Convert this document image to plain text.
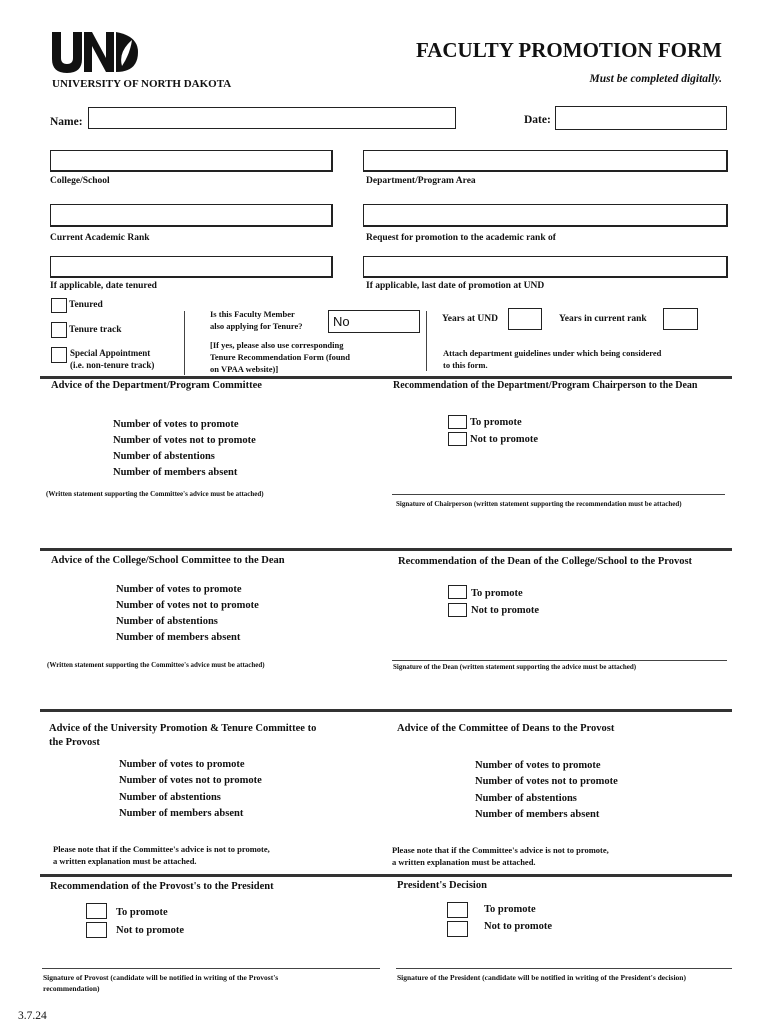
UNIVERSITY OF NORTH DAKOTA
FACULTY PROMOTION FORM
Must be completed digitally.
Name:	Date:
College/School	Department/Program Area
Current Academic Rank	Request for promotion to the academic rank of
If applicable, date tenured	If applicable, last date of promotion at UND
Tenured
Tenure track
Special Appointment
(i.e. non-tenure track)
Is this Faculty Member
also applying for Tenure? No
[If yes, please also use corresponding
Tenure Recommendation Form (found
on VPAA website)]
Years at UND	Years in current rank
Attach department guidelines under which being considered
to this form.
Advice of the Department/Program Committee	Recommendation of the Department/Program Chairperson to the Dean
Number of votes to promote
Number of votes not to promote
Number of abstentions
Number of members absent
To promote
Not to promote
(Written statement supporting the Committee's advice must be attached)
Signature of Chairperson (written statement supporting the recommendation must be attached)
Advice of the College/School Committee to the Dean	Recommendation of the Dean of the College/School to the Provost
Number of votes to promote
Number of votes not to promote
Number of abstentions
Number of members absent
To promote
Not to promote
(Written statement supporting the Committee's advice must be attached)	Signature of the Dean (written statement supporting the advice must be attached)
Advice of the University Promotion & Tenure Committee to
the Provost
Advice of the Committee of Deans to the Provost
Number of votes to promote
Number of votes not to promote
Number of abstentions
Number of members absent
Number of votes to promote
Number of votes not to promote
Number of abstentions
Number of members absent
Please note that if the Committee's advice is not to promote,
a written explanation must be attached.
Please note that if the Committee's advice is not to promote,
a written explanation must be attached.
Recommendation of the Provost's to the President	President's Decision
To promote
Not to promote
To promote
Not to promote
Signature of Provost (candidate will be notified in writing of the Provost's
recommendation)
Signature of the President (candidate will be notified in writing of the President's decision)
3.7.24
